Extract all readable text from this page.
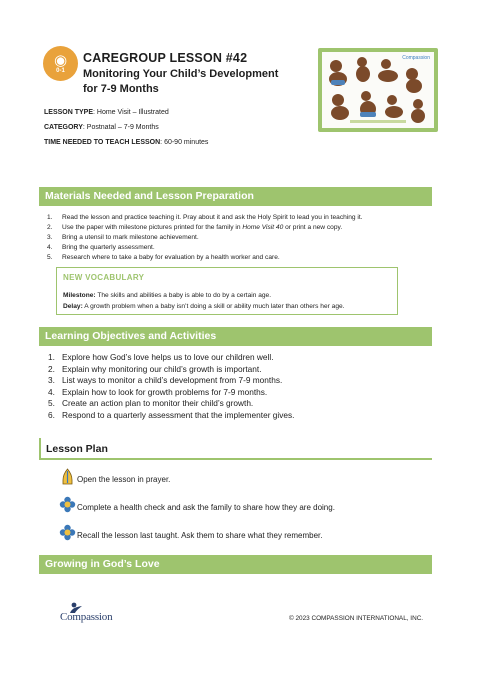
◉
0-1
CAREGROUP LESSON #42
Monitoring Your Child’s Development for 7-9 Months
LESSON TYPE: Home Visit – Illustrated
CATEGORY: Postnatal – 7-9 Months
TIME NEEDED TO TEACH LESSON: 60-90 minutes
Compassion
Materials Needed and Lesson Preparation
1. Read the lesson and practice teaching it. Pray about it and ask the Holy Spirit to lead you in teaching it.
2. Use the paper with milestone pictures printed for the family in Home Visit 40 or print a new copy.
3. Bring a utensil to mark milestone achievement.
4. Bring the quarterly assessment.
5. Research where to take a baby for evaluation by a health worker and care.
NEW VOCABULARY
Milestone: The skills and abilities a baby is able to do by a certain age.
Delay: A growth problem when a baby isn’t doing a skill or ability much later than others her age.
Learning Objectives and Activities
1. Explore how God’s love helps us to love our children well.
2. Explain why monitoring our child’s growth is important.
3. List ways to monitor a child’s development from 7-9 months.
4. Explain how to look for growth problems for 7-9 months.
5. Create an action plan to monitor their child’s growth.
6. Respond to a quarterly assessment that the implementer gives.
Lesson Plan
Open the lesson in prayer.
Complete a health check and ask the family to share how they are doing.
Recall the lesson last taught. Ask them to share what they remember.
Growing in God’s Love
Compassion	© 2023 COMPASSION INTERNATIONAL, INC.
